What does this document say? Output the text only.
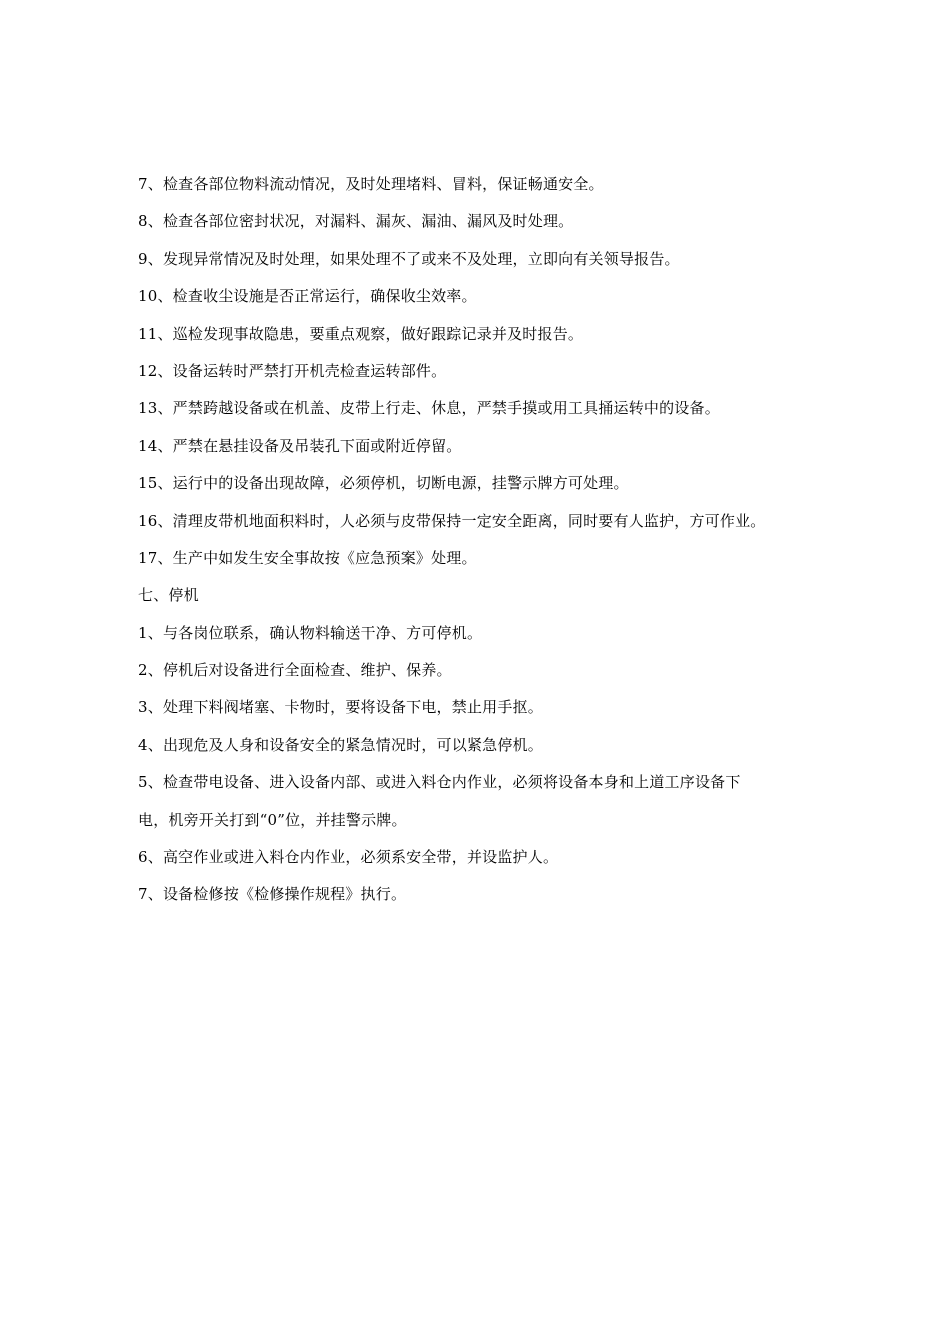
7、检查各部位物料流动情况，及时处理堵料、冒料，保证畅通安全。
8、检查各部位密封状况，对漏料、漏灰、漏油、漏风及时处理。
9、发现异常情况及时处理，如果处理不了或来不及处理，立即向有关领导报告。
10、检查收尘设施是否正常运行，确保收尘效率。
11、巡检发现事故隐患，要重点观察，做好跟踪记录并及时报告。
12、设备运转时严禁打开机壳检查运转部件。
13、严禁跨越设备或在机盖、皮带上行走、休息，严禁手摸或用工具捅运转中的设备。
14、严禁在悬挂设备及吊装孔下面或附近停留。
15、运行中的设备出现故障，必须停机，切断电源，挂警示牌方可处理。
16、清理皮带机地面积料时，人必须与皮带保持一定安全距离，同时要有人监护，方可作业。
17、生产中如发生安全事故按《应急预案》处理。
七、停机
1、与各岗位联系，确认物料输送干净、方可停机。
2、停机后对设备进行全面检查、维护、保养。
3、处理下料阀堵塞、卡物时，要将设备下电，禁止用手抠。
4、出现危及人身和设备安全的紧急情况时，可以紧急停机。
5、检查带电设备、进入设备内部、或进入料仓内作业，必须将设备本身和上道工序设备下
电，机旁开关打到“0”位，并挂警示牌。
6、高空作业或进入料仓内作业，必须系安全带，并设监护人。
7、设备检修按《检修操作规程》执行。
